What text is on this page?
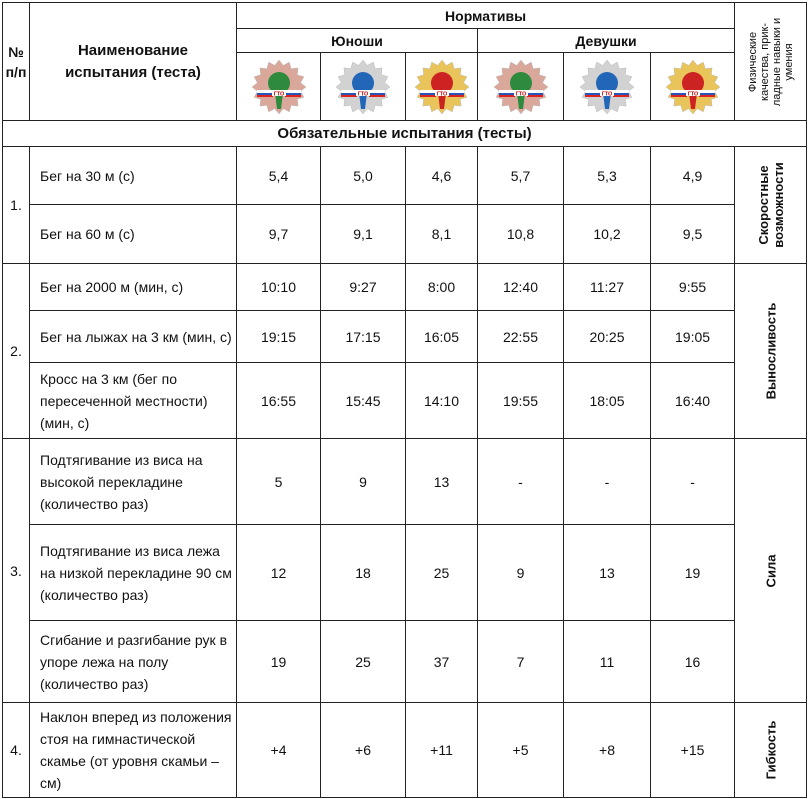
№ п/п	Наименование испытания (теста)	Нормативы						Физические качества, прик-ладные навыки и умения

		Юноши			Девушки			

ГТО	ГТО	ГТО	ГТО	ГТО	ГТО	

Обязательные испытания (тесты)								
1.	Бег на 30 м (с)	5,4	5,0	4,6	5,7	5,3	4,9	Скоростные возможности

	Бег на 60 м (с)	9,7	9,1	8,1	10,8	10,2	9,5	
2.	Бег на 2000 м (мин, с)	10:10	9:27	8:00	12:40	11:27	9:55	Выносливость

	Бег на лыжах на 3 км (мин, с)	19:15	17:15	16:05	22:55	20:25	19:05	
	Кросс на 3 км (бег по пересеченной местности) (мин, с)	16:55	15:45	14:10	19:55	18:05	16:40	
3.	Подтягивание из виса на высокой перекладине (количество раз)	5	9	13	-	-	-	Сила

	Подтягивание из виса лежа на низкой перекладине 90 см (количество раз)	12	18	25	9	13	19	
	Сгибание и разгибание рук в упоре лежа на полу (количество раз)	19	25	37	7	11	16	
4.	Наклон вперед из положения стоя на гимнастической скамье (от уровня скамьи – см)	+4	+6	+11	+5	+8	+15	Гибкость
